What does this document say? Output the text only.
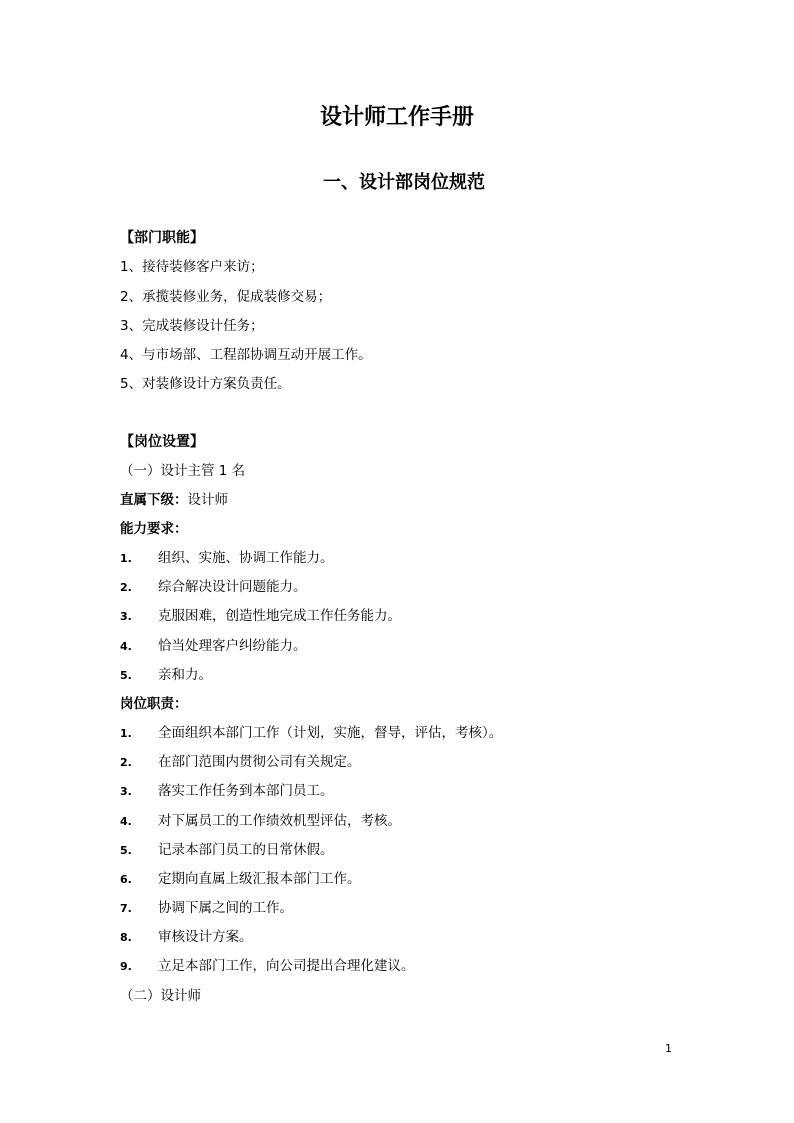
设计师工作手册
一、设计部岗位规范
【部门职能】
1、接待装修客户来访；
2、承揽装修业务，促成装修交易；
3、完成装修设计任务；
4、与市场部、工程部协调互动开展工作。
5、对装修设计方案负责任。
【岗位设置】
（一）设计主管 1 名
直属下级：设计师
能力要求：
1. 组织、实施、协调工作能力。
2. 综合解决设计问题能力。
3. 克服困难，创造性地完成工作任务能力。
4. 恰当处理客户纠纷能力。
5. 亲和力。
岗位职责：
1. 全面组织本部门工作（计划，实施，督导，评估，考核）。
2. 在部门范围内贯彻公司有关规定。
3. 落实工作任务到本部门员工。
4. 对下属员工的工作绩效机型评估，考核。
5. 记录本部门员工的日常休假。
6. 定期向直属上级汇报本部门工作。
7. 协调下属之间的工作。
8. 审核设计方案。
9. 立足本部门工作，向公司提出合理化建议。
（二）设计师
1
